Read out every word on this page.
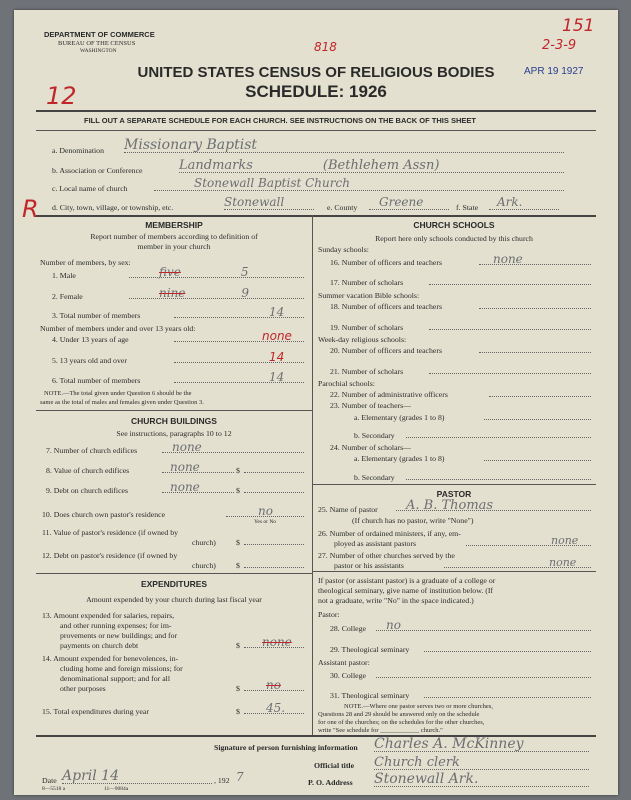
DEPARTMENT OF COMMERCE
BUREAU OF THE CENSUS
WASHINGTON	818
151
2-3-9
APR 19 1927
UNITED STATES CENSUS OF RELIGIOUS BODIES
SCHEDULE: 1926
12
FILL OUT A SEPARATE SCHEDULE FOR EACH CHURCH. SEE INSTRUCTIONS ON THE BACK OF THIS SHEET
a. Denomination Missionary Baptist
b. Association or Conference	Landmarks	(Bethlehem Assn)
c. Local name of church	Stonewall Baptist Church
d. City, town, village, or township, etc.	Stonewall	e. County	Greene	f. State	Ark.
R
MEMBERSHIP
Report number of members according to definition of
member in your church
Number of members, by sex:
1. Male	five	5
2. Female	nine	9
3. Total number of members	14
Number of members under and over 13 years old:
4. Under 13 years of age	none
5. 13 years old and over	14
6. Total number of members	14
NOTE.—The total given under Question 6 should be the
same as the total of males and females given under Question 3.
CHURCH BUILDINGS
See instructions, paragraphs 10 to 12
7. Number of church edifices	none
8. Value of church edifices	none	$
9. Debt on church edifices	none	$
10. Does church own pastor's residence	no
Yes or No
11. Value of pastor's residence (if owned by
church)	$
12. Debt on pastor's residence (if owned by
church)	$
EXPENDITURES
Amount expended by your church during last fiscal year
13. Amount expended for salaries, repairs,
and other running expenses; for im-
provements or new buildings; and for
payments on church debt	$	none
14. Amount expended for benevolences, in-
cluding home and foreign missions; for
denominational support; and for all
other purposes	$	no
15. Total expenditures during year	$	45.
CHURCH SCHOOLS
Report here only schools conducted by this church
Sunday schools:
16. Number of officers and teachers	none
17. Number of scholars
Summer vacation Bible schools:
18. Number of officers and teachers
19. Number of scholars
Week-day religious schools:
20. Number of officers and teachers
21. Number of scholars
Parochial schools:
22. Number of administrative officers
23. Number of teachers—
a. Elementary (grades 1 to 8)
b. Secondary
24. Number of scholars—
a. Elementary (grades 1 to 8)
b. Secondary
PASTOR
25. Name of pastor	A. B. Thomas
(If church has no pastor, write "None")
26. Number of ordained ministers, if any, em-
ployed as assistant pastors	none
27. Number of other churches served by the
pastor or his assistants	none
If pastor (or assistant pastor) is a graduate of a college or
theological seminary, give name of institution below. (If
not a graduate, write "No" in the space indicated.)
Pastor:
28. College	no
29. Theological seminary
Assistant pastor:
30. College
31. Theological seminary
NOTE.—Where one pastor serves two or more churches,
Questions 28 and 29 should be answered only on the schedule
for one of the churches; on the schedules for the other churches,
write "See schedule for ____________ church."
Signature of person furnishing information Charles A. McKinney
Official title Church clerk
Date April 14	, 192 7	P. O. Address Stonewall Ark.
8—5518 a	11—9084a
